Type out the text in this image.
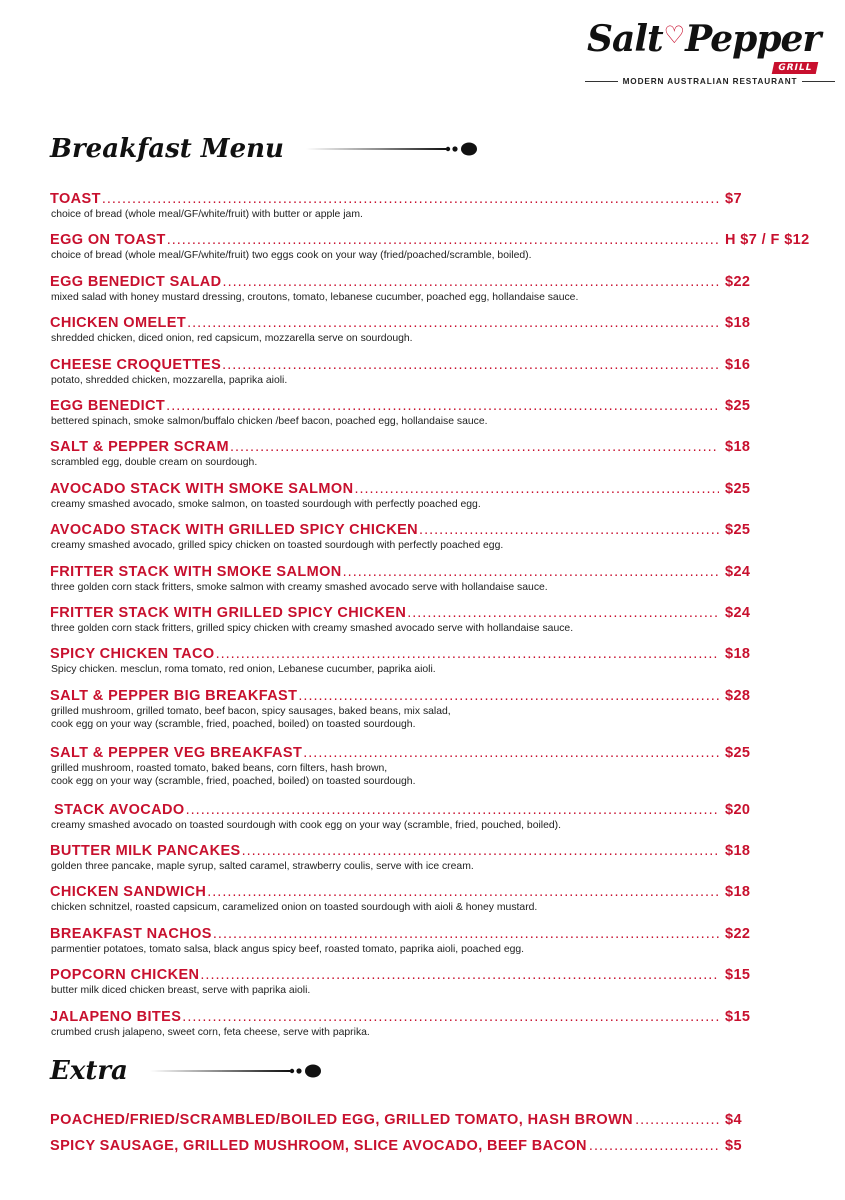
Salt♡Pepper
GRILL
MODERN AUSTRALIAN RESTAURANT
Breakfast Menu
TOAST .....	$7
choice of bread (whole meal/GF/white/fruit) with butter or apple jam.
EGG ON TOAST .....	H $7 / F $12
choice of bread (whole meal/GF/white/fruit) two eggs cook on your way (fried/poached/scramble, boiled).
EGG BENEDICT SALAD .....	$22
mixed salad with honey mustard dressing, croutons, tomato, lebanese cucumber, poached egg, hollandaise sauce.
CHICKEN OMELET .....	$18
shredded chicken, diced onion, red capsicum, mozzarella serve on sourdough.
CHEESE CROQUETTES .....	$16
potato, shredded chicken, mozzarella, paprika aioli.
EGG BENEDICT .....	$25
bettered spinach, smoke salmon/buffalo chicken /beef bacon, poached egg, hollandaise sauce.
SALT & PEPPER SCRAM .....	$18
scrambled egg, double cream on sourdough.
AVOCADO STACK WITH SMOKE SALMON .....	$25
creamy smashed avocado, smoke salmon, on toasted sourdough with perfectly poached egg.
AVOCADO STACK WITH GRILLED SPICY CHICKEN .....	$25
creamy smashed avocado, grilled spicy chicken on toasted sourdough with perfectly poached egg.
FRITTER STACK WITH SMOKE SALMON .....	$24
three golden corn stack fritters, smoke salmon with creamy smashed avocado serve with hollandaise sauce.
FRITTER STACK WITH GRILLED SPICY CHICKEN .....	$24
three golden corn stack fritters, grilled spicy chicken with creamy smashed avocado serve with hollandaise sauce.
SPICY CHICKEN TACO .....	$18
Spicy chicken. mesclun, roma tomato, red onion, Lebanese cucumber, paprika aioli.
SALT & PEPPER BIG BREAKFAST .....	$28
grilled mushroom, grilled tomato, beef bacon, spicy sausages, baked beans, mix salad,
cook egg on your way (scramble, fried, poached, boiled) on toasted sourdough.
SALT & PEPPER VEG BREAKFAST .....	$25
grilled mushroom, roasted tomato, baked beans, corn filters, hash brown,
cook egg on your way (scramble, fried, poached, boiled) on toasted sourdough.
STACK AVOCADO .....	$20
creamy smashed avocado on toasted sourdough with cook egg on your way (scramble, fried, pouched, boiled).
BUTTER MILK PANCAKES .....	$18
golden three pancake, maple syrup, salted caramel, strawberry coulis, serve with ice cream.
CHICKEN SANDWICH .....	$18
chicken schnitzel, roasted capsicum, caramelized onion on toasted sourdough with aioli & honey mustard.
BREAKFAST NACHOS .....	$22
parmentier potatoes, tomato salsa, black angus spicy beef, roasted tomato, paprika aioli, poached egg.
POPCORN CHICKEN .....	$15
butter milk diced chicken breast, serve with paprika aioli.
JALAPENO BITES .....	$15
crumbed crush jalapeno, sweet corn, feta cheese, serve with paprika.
Extra
POACHED/FRIED/SCRAMBLED/BOILED EGG, GRILLED TOMATO, HASH BROWN .....	$4
SPICY SAUSAGE, GRILLED MUSHROOM, SLICE AVOCADO, BEEF BACON .....	$5
